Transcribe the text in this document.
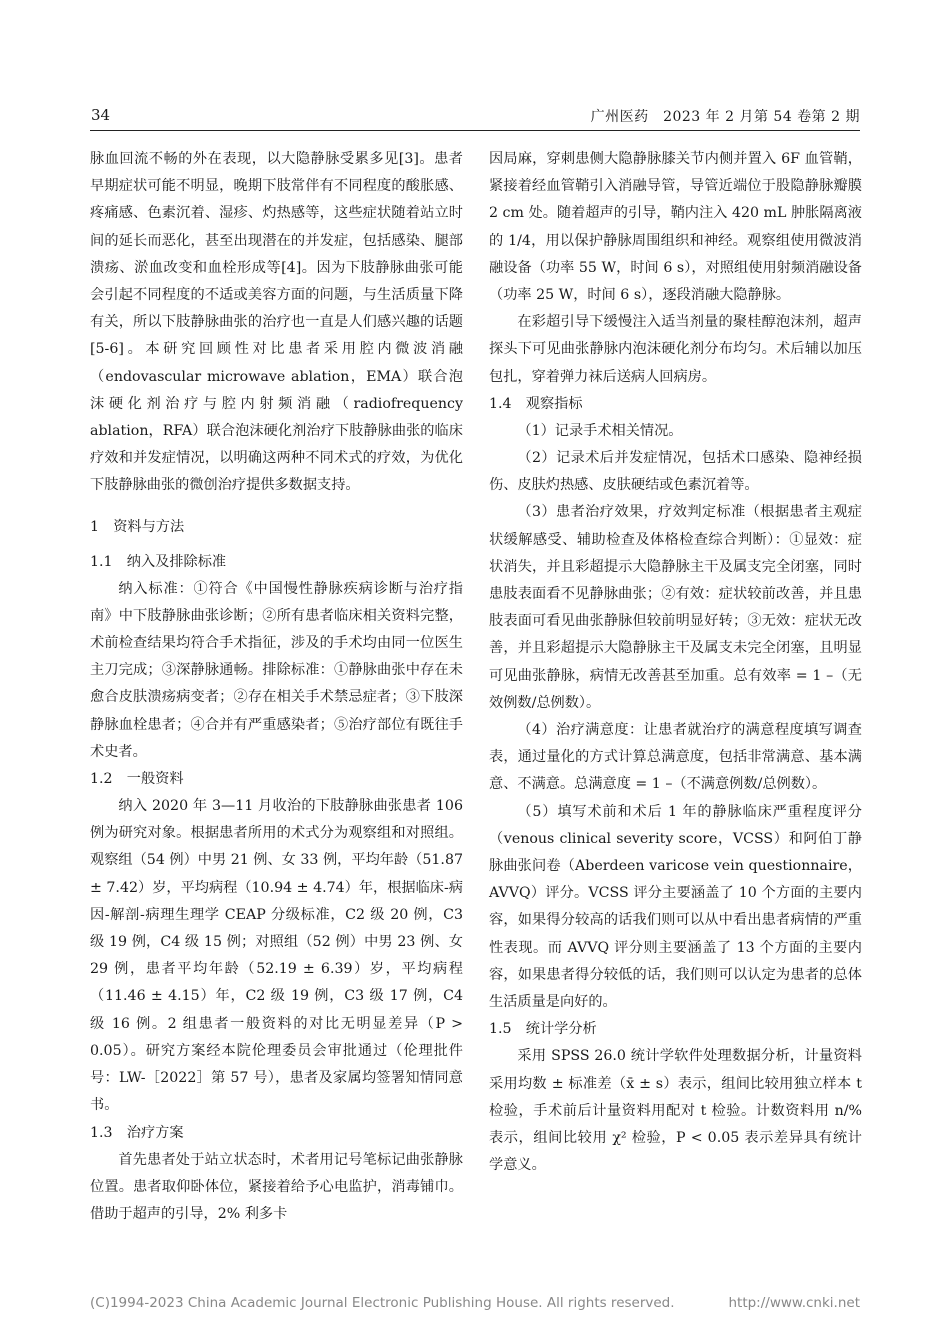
34	广州医药　2023 年 2 月第 54 卷第 2 期

脉血回流不畅的外在表现，以大隐静脉受累多见[3]。患者早期症状可能不明显，晚期下肢常伴有不同程度的酸胀感、疼痛感、色素沉着、湿疹、灼热感等，这些症状随着站立时间的延长而恶化，甚至出现潜在的并发症，包括感染、腿部溃疡、淤血改变和血栓形成等[4]。因为下肢静脉曲张可能会引起不同程度的不适或美容方面的问题，与生活质量下降有关，所以下肢静脉曲张的治疗也一直是人们感兴趣的话题[5-6]。本研究回顾性对比患者采用腔内微波消融（endovascular microwave ablation，EMA）联合泡沫硬化剂治疗与腔内射频消融（radiofrequency ablation，RFA）联合泡沫硬化剂治疗下肢静脉曲张的临床疗效和并发症情况，以明确这两种不同术式的疗效，为优化下肢静脉曲张的微创治疗提供多数据支持。

1　资料与方法
1.1　纳入及排除标准

纳入标准：①符合《中国慢性静脉疾病诊断与治疗指南》中下肢静脉曲张诊断；②所有患者临床相关资料完整，术前检查结果均符合手术指征，涉及的手术均由同一位医生主刀完成；③深静脉通畅。排除标准：①静脉曲张中存在未愈合皮肤溃疡病变者；②存在相关手术禁忌症者；③下肢深静脉血栓患者；④合并有严重感染者；⑤治疗部位有既往手术史者。

1.2　一般资料

纳入 2020 年 3—11 月收治的下肢静脉曲张患者 106 例为研究对象。根据患者所用的术式分为观察组和对照组。观察组（54 例）中男 21 例、女 33 例，平均年龄（51.87 ± 7.42）岁，平均病程（10.94 ± 4.74）年，根据临床-病因-解剖-病理生理学 CEAP 分级标准，C2 级 20 例，C3 级 19 例，C4 级 15 例；对照组（52 例）中男 23 例、女 29 例，患者平均年龄（52.19 ± 6.39）岁，平均病程（11.46 ± 4.15）年，C2 级 19 例，C3 级 17 例，C4 级 16 例。2 组患者一般资料的对比无明显差异（P > 0.05）。研究方案经本院伦理委员会审批通过（伦理批件号：LW-［2022］第 57 号），患者及家属均签署知情同意书。

1.3　治疗方案

首先患者处于站立状态时，术者用记号笔标记曲张静脉位置。患者取仰卧体位，紧接着给予心电监护，消毒铺巾。借助于超声的引导，2% 利多卡

因局麻，穿刺患侧大隐静脉膝关节内侧并置入 6F 血管鞘，紧接着经血管鞘引入消融导管，导管近端位于股隐静脉瓣膜 2 cm 处。随着超声的引导，鞘内注入 420 mL 肿胀隔离液的 1/4，用以保护静脉周围组织和神经。观察组使用微波消融设备（功率 55 W，时间 6 s），对照组使用射频消融设备（功率 25 W，时间 6 s），逐段消融大隐静脉。

在彩超引导下缓慢注入适当剂量的聚桂醇泡沫剂，超声探头下可见曲张静脉内泡沫硬化剂分布均匀。术后辅以加压包扎，穿着弹力袜后送病人回病房。

1.4　观察指标

（1）记录手术相关情况。

（2）记录术后并发症情况，包括术口感染、隐神经损伤、皮肤灼热感、皮肤硬结或色素沉着等。

（3）患者治疗效果，疗效判定标准（根据患者主观症状缓解感受、辅助检查及体格检查综合判断）：①显效：症状消失，并且彩超提示大隐静脉主干及属支完全闭塞，同时患肢表面看不见静脉曲张；②有效：症状较前改善，并且患肢表面可看见曲张静脉但较前明显好转；③无效：症状无改善，并且彩超提示大隐静脉主干及属支未完全闭塞，且明显可见曲张静脉，病情无改善甚至加重。总有效率 = 1 –（无效例数/总例数）。

（4）治疗满意度：让患者就治疗的满意程度填写调查表，通过量化的方式计算总满意度，包括非常满意、基本满意、不满意。总满意度 = 1 –（不满意例数/总例数）。

（5）填写术前和术后 1 年的静脉临床严重程度评分（venous clinical severity score，VCSS）和阿伯丁静脉曲张问卷（Aberdeen varicose vein questionnaire，AVVQ）评分。VCSS 评分主要涵盖了 10 个方面的主要内容，如果得分较高的话我们则可以从中看出患者病情的严重性表现。而 AVVQ 评分则主要涵盖了 13 个方面的主要内容，如果患者得分较低的话，我们则可以认定为患者的总体生活质量是向好的。

1.5　统计学分析

采用 SPSS 26.0 统计学软件处理数据分析，计量资料采用均数 ± 标准差（x̄ ± s）表示，组间比较用独立样本 t 检验，手术前后计量资料用配对 t 检验。计数资料用 n/% 表示，组间比较用 χ² 检验，P < 0.05 表示差异具有统计学意义。

(C)1994-2023 China Academic Journal Electronic Publishing House. All rights reserved.	http://www.cnki.net
